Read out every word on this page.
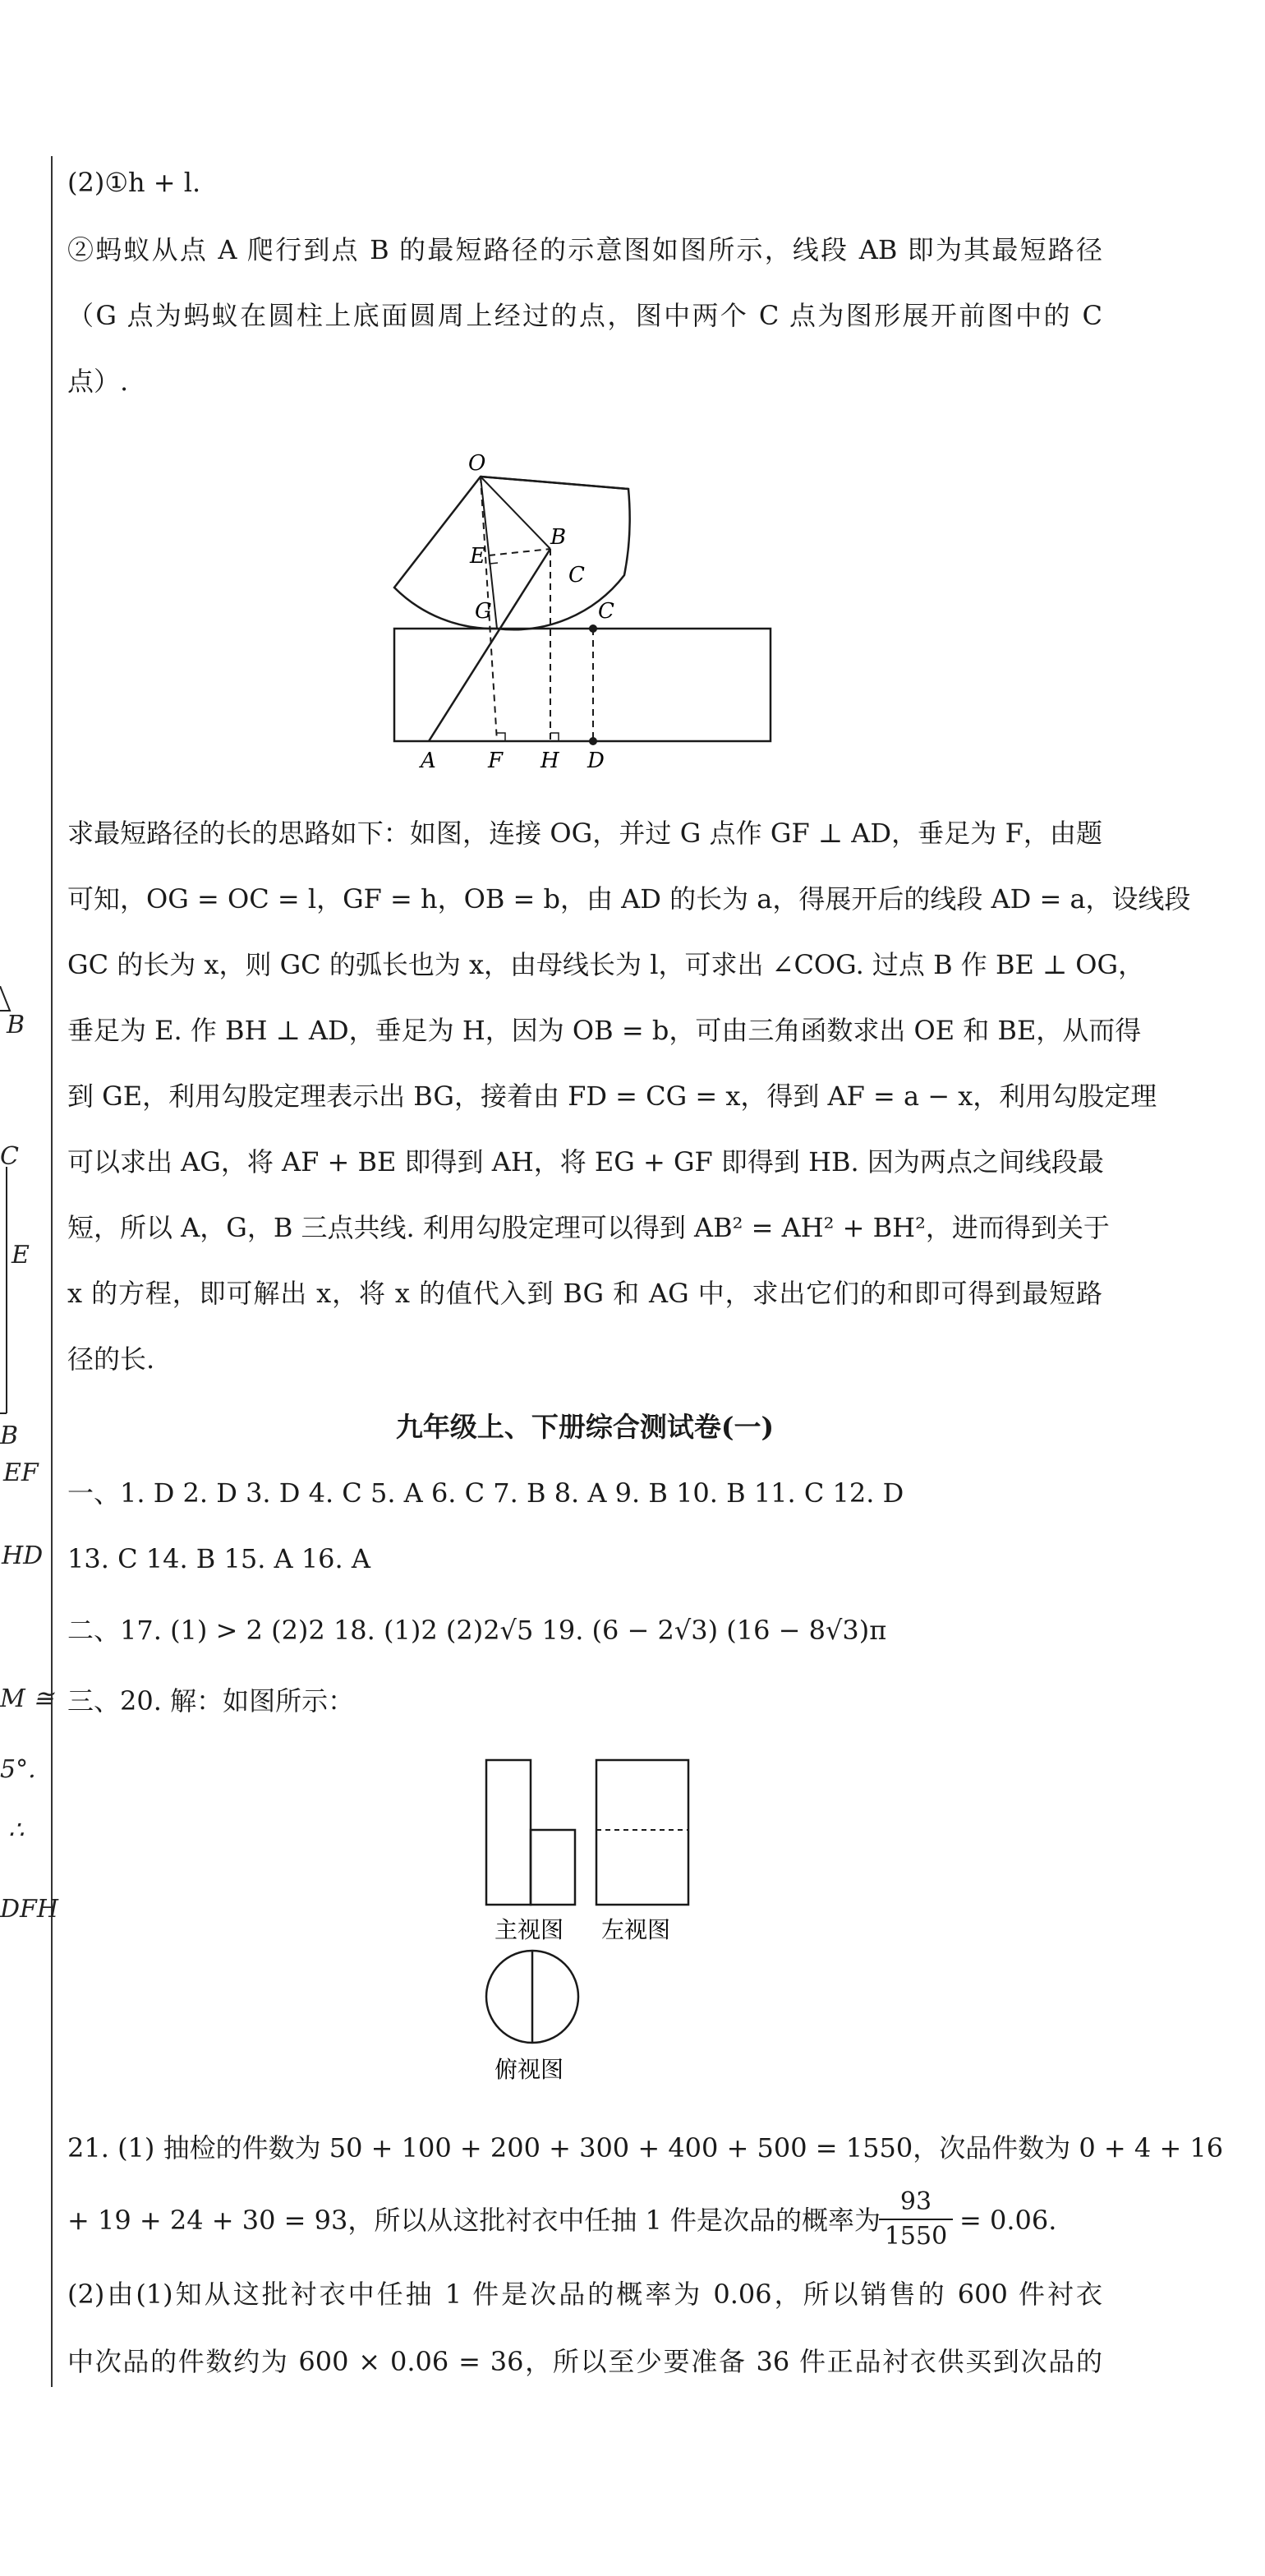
B
C
E
B
EF
HD
M ≅
5°.
∴
DFH
(2)①h + l.
②蚂蚁从点 A 爬行到点 B 的最短路径的示意图如图所示，线段 AB 即为其最短路径
（G 点为蚂蚁在圆柱上底面圆周上经过的点，图中两个 C 点为图形展开前图中的 C
点）.
O
E
B
C
G	C
A F H D
求最短路径的长的思路如下：如图，连接 OG，并过 G 点作 GF ⊥ AD，垂足为 F，由题
可知，OG = OC = l，GF = h，OB = b，由 AD 的长为 a，得展开后的线段 AD = a，设线段
GC 的长为 x，则 GC 的弧长也为 x，由母线长为 l，可求出 ∠COG. 过点 B 作 BE ⊥ OG，
垂足为 E. 作 BH ⊥ AD，垂足为 H，因为 OB = b，可由三角函数求出 OE 和 BE，从而得
到 GE，利用勾股定理表示出 BG，接着由 FD = CG = x，得到 AF = a − x，利用勾股定理
可以求出 AG，将 AF + BE 即得到 AH，将 EG + GF 即得到 HB. 因为两点之间线段最
短，所以 A，G，B 三点共线. 利用勾股定理可以得到 AB² = AH² + BH²，进而得到关于
x 的方程，即可解出 x，将 x 的值代入到 BG 和 AG 中，求出它们的和即可得到最短路
径的长.
九年级上、下册综合测试卷(一)
一、1. D 2. D 3. D 4. C 5. A 6. C 7. B 8. A 9. B 10. B 11. C 12. D
13. C 14. B 15. A 16. A
二、17. (1) > 2 (2)2 18. (1)2 (2)2√5 19. (6 − 2√3) (16 − 8√3)π
三、20. 解：如图所示：
主视图 左视图
俯视图
21. (1) 抽检的件数为 50 + 100 + 200 + 300 + 400 + 500 = 1550，次品件数为 0 + 4 + 16
+ 19 + 24 + 30 = 93，所以从这批衬衣中任抽 1 件是次品的概率为
$\frac{93}{1550} = 0.06$.
(2)由(1)知从这批衬衣中任抽 1 件是次品的概率为 0.06，所以销售的 600 件衬衣
中次品的件数约为 600 × 0.06 = 36，所以至少要准备 36 件正品衬衣供买到次品的
